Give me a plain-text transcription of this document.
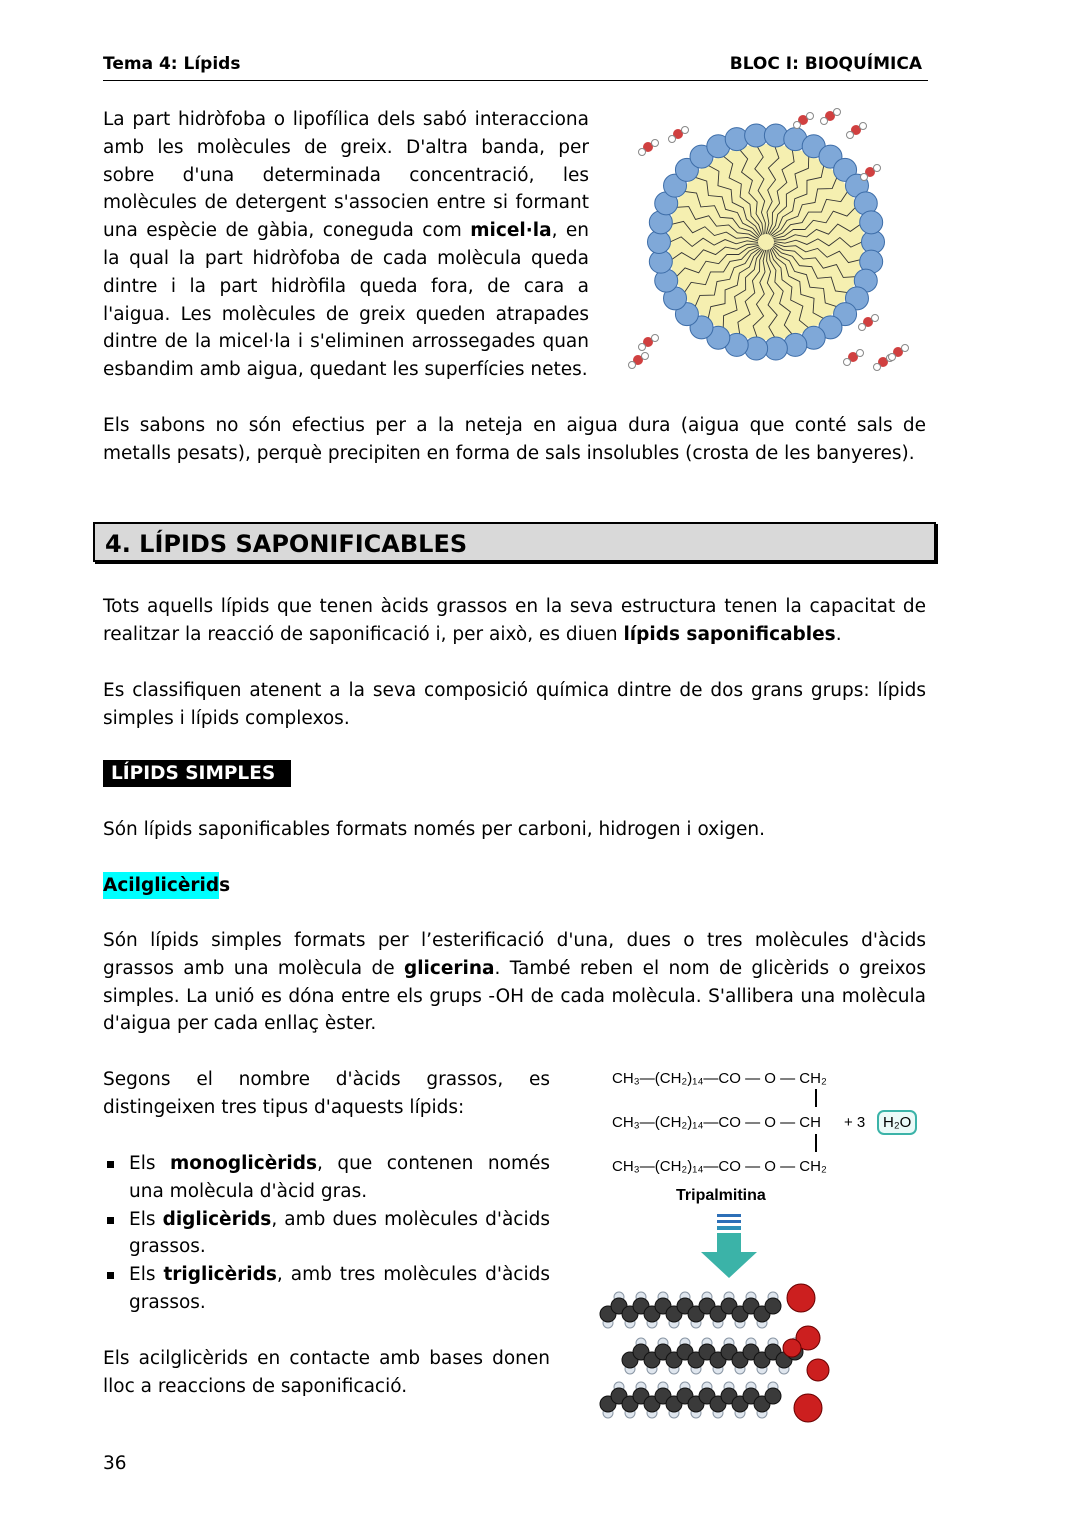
Tema 4: Lípids	BLOC I: BIOQUÍMICA

La part hidròfoba o lipofílica dels sabó interacciona amb les molècules de greix. D'altra banda, per sobre d'una determinada concentració, les molècules de detergent s'associen entre si formant una espècie de gàbia, coneguda com micel·la, en la qual la part hidròfoba de cada molècula queda dintre i la part hidròfila queda fora, de cara a l'aigua. Les molècules de greix queden atrapades dintre de la micel·la i s'eliminen arrossegades quan esbandim amb aigua, quedant les superfícies netes.

Els sabons no són efectius per a la neteja en aigua dura (aigua que conté sals de metalls pesats), perquè precipiten en forma de sals insolubles (crosta de les banyeres).

4. LÍPIDS SAPONIFICABLES

Tots aquells lípids que tenen àcids grassos en la seva estructura tenen la capacitat de realitzar la reacció de saponificació i, per això, es diuen lípids saponificables.

Es classifiquen atenent a la seva composició química dintre de dos grans grups: lípids simples i lípids complexos.

LÍPIDS SIMPLES

Són lípids saponificables formats només per carboni, hidrogen i oxigen.

Acilglicèrids

Són lípids simples formats per l’esterificació d'una, dues o tres molècules d'àcids grassos amb una molècula de glicerina. També reben el nom de glicèrids o greixos simples. La unió es dóna entre els grups -OH de cada molècula. S'allibera una molècula d'aigua per cada enllaç èster.

Segons el nombre d'àcids grassos, es distingeixen tres tipus d'aquests lípids:

Els monoglicèrids, que contenen només una molècula d'àcid gras.
Els diglicèrids, amb dues molècules d'àcids grassos.
Els triglicèrids, amb tres molècules d'àcids grassos.

Els acilglicèrids en contacte amb bases donen lloc a reaccions de saponificació.

CH₃—(CH₂)₁₄—CO — O — CH₂
CH₃—(CH₂)₁₄—CO — O — CH + 3	H₂O
CH₃—(CH₂)₁₄—CO — O — CH₂
Tripalmitina
36
